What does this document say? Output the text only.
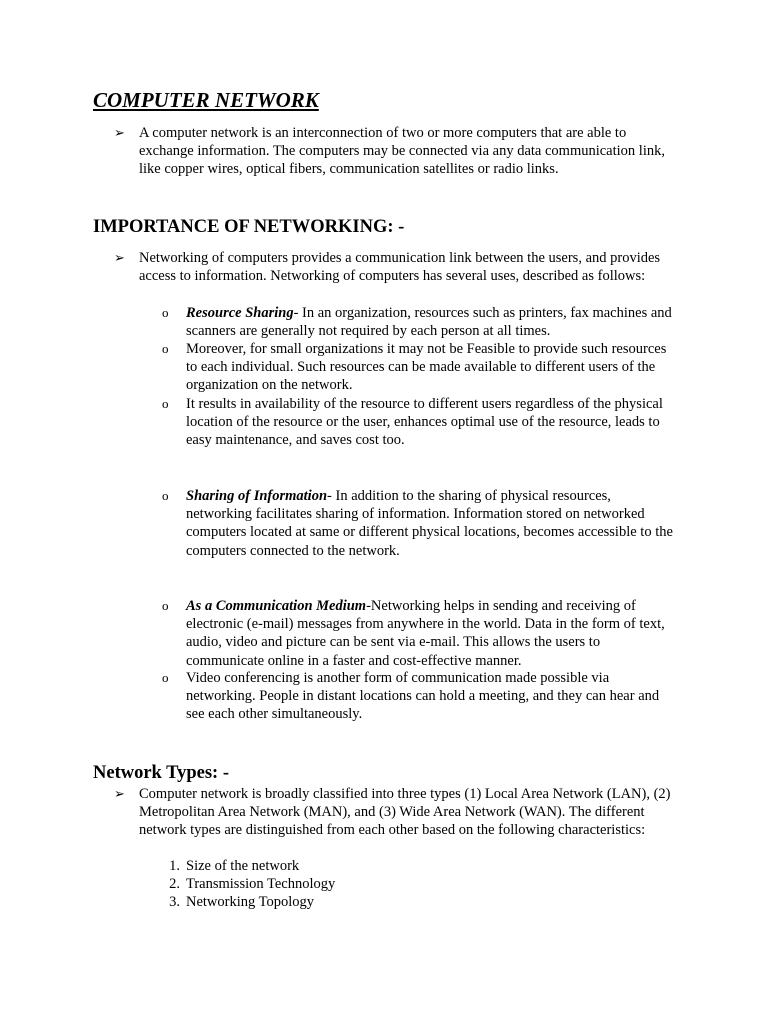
COMPUTER NETWORK
➢ A computer network is an interconnection of two or more computers that are able to exchange information. The computers may be connected via any data communication link, like copper wires, optical fibers, communication satellites or radio links.

IMPORTANCE OF NETWORKING: -
➢ Networking of computers provides a communication link between the users, and provides access to information. Networking of computers has several uses, described as follows:

o Resource Sharing- In an organization, resources such as printers, fax machines and scanners are generally not required by each person at all times.

o Moreover, for small organizations it may not be Feasible to provide such resources to each individual. Such resources can be made available to different users of the organization on the network.

o It results in availability of the resource to different users regardless of the physical location of the resource or the user, enhances optimal use of the resource, leads to easy maintenance, and saves cost too.

o Sharing of Information- In addition to the sharing of physical resources, networking facilitates sharing of information. Information stored on networked computers located at same or different physical locations, becomes accessible to the computers connected to the network.

o As a Communication Medium-Networking helps in sending and receiving of electronic (e-mail) messages from anywhere in the world. Data in the form of text, audio, video and picture can be sent via e-mail. This allows the users to communicate online in a faster and cost-effective manner.

o Video conferencing is another form of communication made possible via networking. People in distant locations can hold a meeting, and they can hear and see each other simultaneously.

Network Types: -
➢ Computer network is broadly classified into three types (1) Local Area Network (LAN), (2) Metropolitan Area Network (MAN), and (3) Wide Area Network (WAN). The different network types are distinguished from each other based on the following characteristics:

1. Size of the network

2. Transmission Technology

3. Networking Topology
